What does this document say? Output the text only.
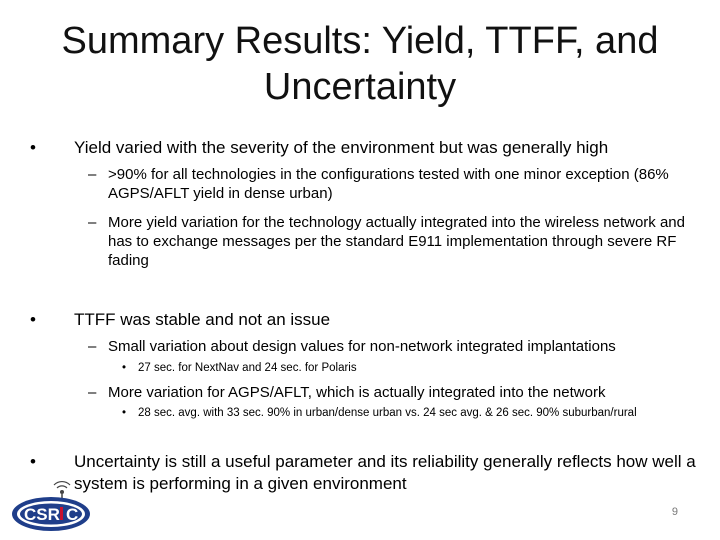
Summary Results: Yield, TTFF, and Uncertainty
• Yield varied with the severity of the environment but was generally high
– >90% for all technologies in the configurations tested with one minor exception (86% AGPS/AFLT yield in dense urban)
– More yield variation for the technology actually integrated into the wireless network and has to exchange messages per the standard E911 implementation through severe RF fading
• TTFF was stable and not an issue
– Small variation about design values for non-network integrated implantations
• 27 sec. for NextNav and 24 sec. for Polaris
– More variation for AGPS/AFLT, which is actually integrated into the network
• 28 sec. avg. with 33 sec. 90% in urban/dense urban vs. 24 sec avg. & 26 sec. 90% suburban/rural
• Uncertainty is still a useful parameter and its reliability generally reflects how well a system is performing in a given environment
CSR C	9
